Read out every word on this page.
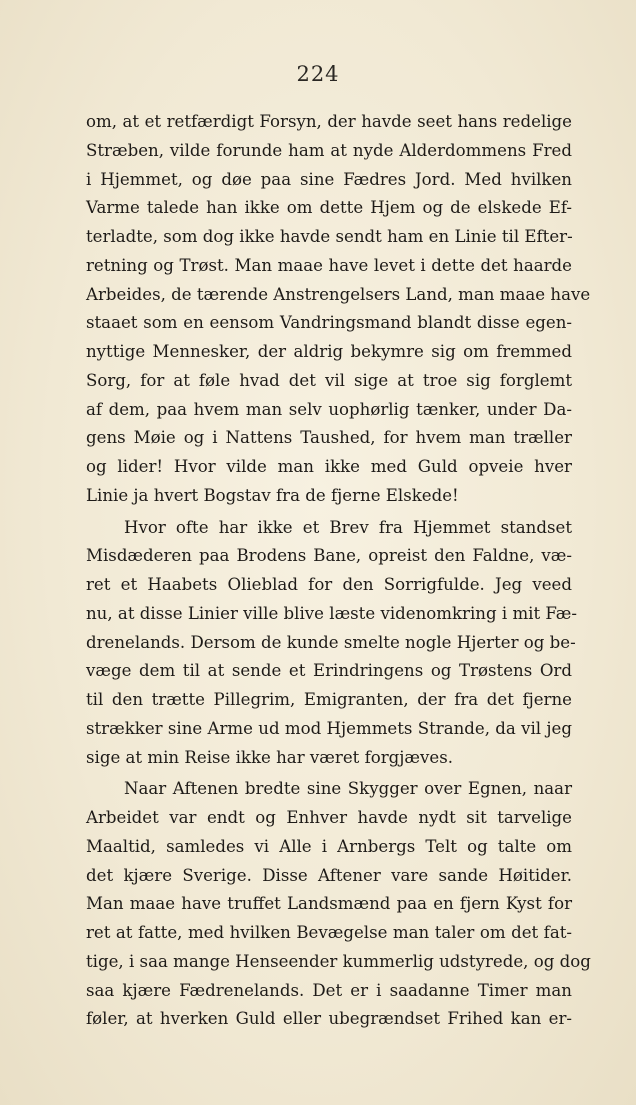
224
om, at et retfærdigt Forsyn, der havde seet hans redelige
Stræben, vilde forunde ham at nyde Alderdommens Fred
i Hjemmet, og døe paa sine Fædres Jord. Med hvilken
Varme talede han ikke om dette Hjem og de elskede Ef-
terladte, som dog ikke havde sendt ham en Linie til Efter-
retning og Trøst. Man maae have levet i dette det haarde
Arbeides, de tærende Anstrengelsers Land, man maae have
staaet som en eensom Vandringsmand blandt disse egen-
nyttige Mennesker, der aldrig bekymre sig om fremmed
Sorg, for at føle hvad det vil sige at troe sig forglemt
af dem, paa hvem man selv uophørlig tænker, under Da-
gens Møie og i Nattens Taushed, for hvem man træller
og lider! Hvor vilde man ikke med Guld opveie hver
Linie ja hvert Bogstav fra de fjerne Elskede!
Hvor ofte har ikke et Brev fra Hjemmet standset
Misdæderen paa Brodens Bane, opreist den Faldne, væ-
ret et Haabets Olieblad for den Sorrigfulde. Jeg veed
nu, at disse Linier ville blive læste videnomkring i mit Fæ-
drenelands. Dersom de kunde smelte nogle Hjerter og be-
væge dem til at sende et Erindringens og Trøstens Ord
til den trætte Pillegrim, Emigranten, der fra det fjerne
strækker sine Arme ud mod Hjemmets Strande, da vil jeg
sige at min Reise ikke har været forgjæves.
Naar Aftenen bredte sine Skygger over Egnen, naar
Arbeidet var endt og Enhver havde nydt sit tarvelige
Maaltid, samledes vi Alle i Arnbergs Telt og talte om
det kjære Sverige. Disse Aftener vare sande Høitider.
Man maae have truffet Landsmænd paa en fjern Kyst for
ret at fatte, med hvilken Bevægelse man taler om det fat-
tige, i saa mange Henseender kummerlig udstyrede, og dog
saa kjære Fædrenelands. Det er i saadanne Timer man
føler, at hverken Guld eller ubegrændset Frihed kan er-
